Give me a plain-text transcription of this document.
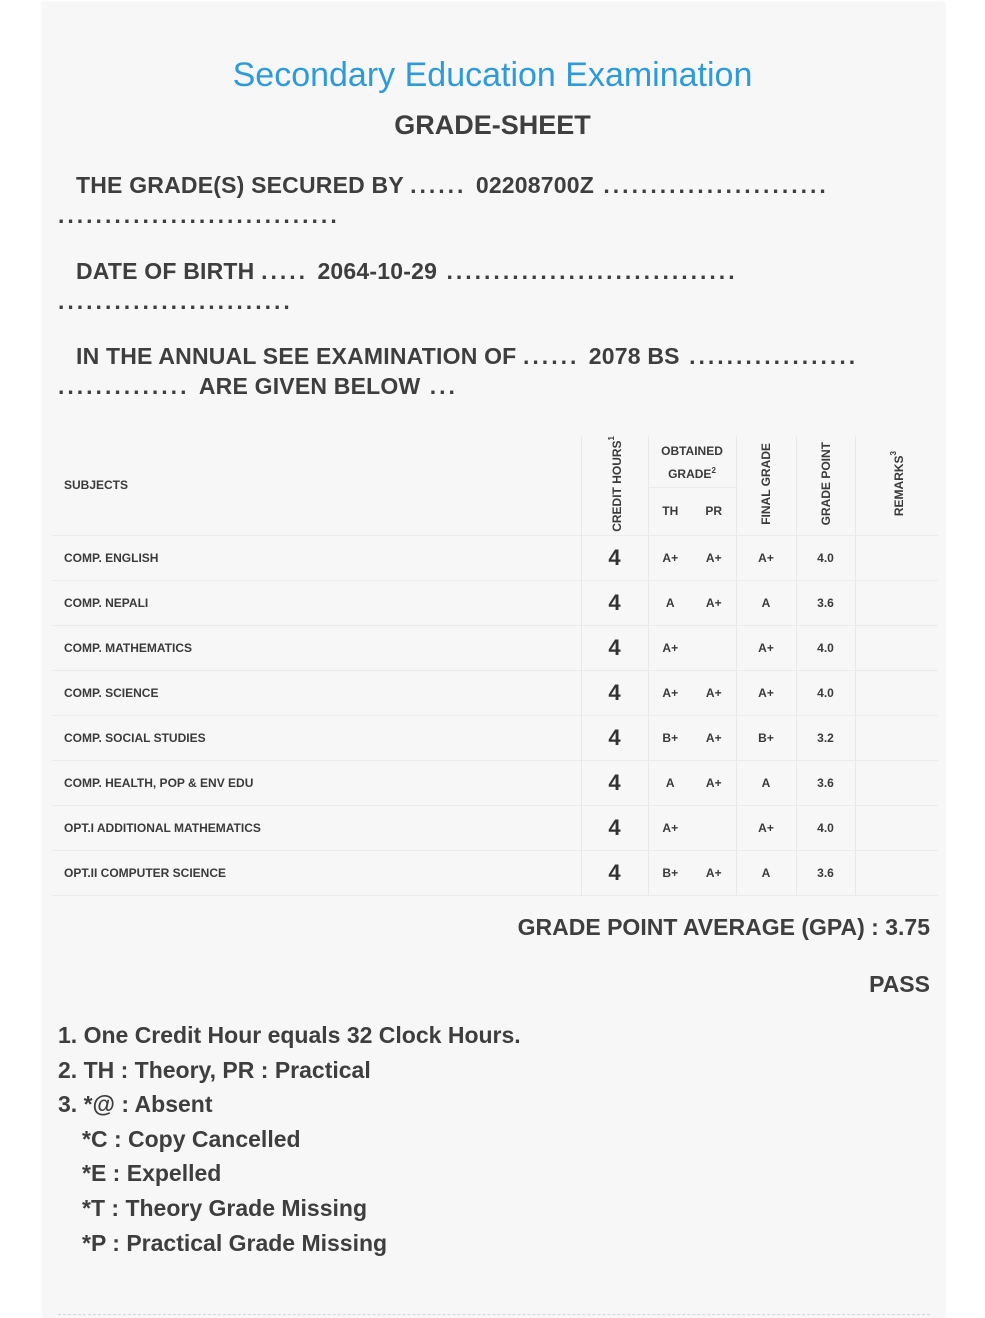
Secondary Education Examination
GRADE-SHEET
THE GRADE(S) SECURED BY ...... 02208700Z ........................
..............................
DATE OF BIRTH ..... 2064-10-29 ...............................
.........................
IN THE ANNUAL SEE EXAMINATION OF ...... 2078 BS ..................
.............. ARE GIVEN BELOW ...
SUBJECTS	CREDIT HOURS$^1$	OBTAINED GRADE$^2$		FINAL GRADE	GRADE POINT	REMARKS$^3$
		TH	PR			
COMP. ENGLISH	4	A+	A+	A+	4.0	
COMP. NEPALI	4	A	A+	A	3.6	
COMP. MATHEMATICS	4	A+		A+	4.0	
COMP. SCIENCE	4	A+	A+	A+	4.0	
COMP. SOCIAL STUDIES	4	B+	A+	B+	3.2	
COMP. HEALTH, POP & ENV EDU	4	A	A+	A	3.6	
OPT.I ADDITIONAL MATHEMATICS	4	A+		A+	4.0	
OPT.II COMPUTER SCIENCE	4	B+	A+	A	3.6	
GRADE POINT AVERAGE (GPA) : 3.75
PASS
1. One Credit Hour equals 32 Clock Hours.
2. TH : Theory, PR : Practical
3. *@ : Absent
*C : Copy Cancelled
*E : Expelled
*T : Theory Grade Missing
*P : Practical Grade Missing
